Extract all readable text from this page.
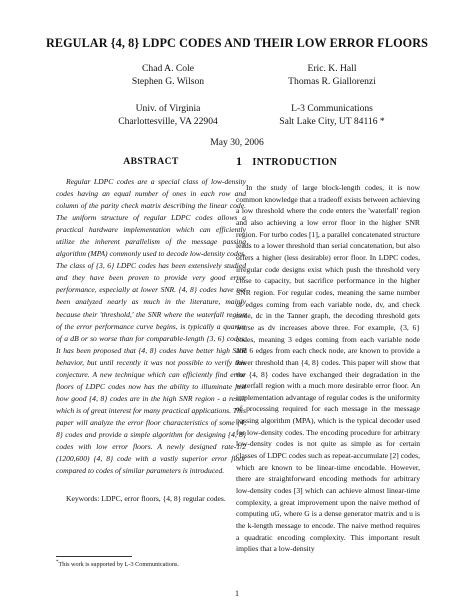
REGULAR {4, 8} LDPC CODES AND THEIR LOW ERROR FLOORS
Chad A. Cole
Stephen G. Wilson
Univ. of Virginia
Charlottesville, VA 22904
Eric. K. Hall
Thomas R. Giallorenzi
L-3 Communications
Salt Lake City, UT 84116 *
May 30, 2006
ABSTRACT

Regular LDPC codes are a special class of low-density codes having an equal number of ones in each row and column of the parity check matrix describing the linear code. The uniform structure of regular LDPC codes allows a practical hardware implementation which can efficiently utilize the inherent parallelism of the message passing algorithm (MPA) commonly used to decode low-density codes. The class of {3, 6} LDPC codes has been extensively studied and they have been proven to provide very good error performance, especially at lower SNR. {4, 8} codes have not been analyzed nearly as much in the literature, mainly because their 'threshold,' the SNR where the waterfall region of the error performance curve begins, is typically a quarter of a dB or so worse than for comparable-length {3, 6} codes. It has been proposed that {4, 8} codes have better high SNR behavior, but until recently it was not possible to verify this conjecture. A new technique which can efficiently find error floors of LDPC codes now has the ability to illuminate just how good {4, 8} codes are in the high SNR region - a result which is of great interest for many practical applications. This paper will analyze the error floor characteristics of some {4, 8} codes and provide a simple algorithm for designing {4, 8} codes with low error floors. A newly designed rate-1/2 (1200,600) {4, 8} code with a vastly superior error floor compared to codes of similar parameters is introduced.

Keywords: LDPC, error floors, {4, 8} regular codes.

*This work is supported by L-3 Communications.
1 INTRODUCTION

In the study of large block-length codes, it is now common knowledge that a tradeoff exists between achieving a low threshold where the code enters the 'waterfall' region and also achieving a low error floor in the higher SNR region. For turbo codes [1], a parallel concatenated structure leads to a lower threshold than serial concatenation, but also offers a higher (less desirable) error floor. In LDPC codes, irregular code designs exist which push the threshold very close to capacity, but sacrifice performance in the higher SNR region. For regular codes, meaning the same number of edges coming from each variable node, dv, and check node, dc in the Tanner graph, the decoding threshold gets worse as dv increases above three. For example, {3, 6} codes, meaning 3 edges coming from each variable node and 6 edges from each check node, are known to provide a lower threshold than {4, 8} codes. This paper will show that the {4, 8} codes have exchanged their degradation in the waterfall region with a much more desirable error floor. An implementation advantage of regular codes is the uniformity of processing required for each message in the message passing algorithm (MPA), which is the typical decoder used for low-density codes. The encoding procedure for arbitrary low-density codes is not quite as simple as for certain classes of LDPC codes such as repeat-accumulate [2] codes, which are known to be linear-time encodable. However, there are straightforward encoding methods for arbitrary low-density codes [3] which can achieve almost linear-time complexity, a great improvement upon the naive method of computing uG, where G is a dense generator matrix and u is the k-length message to encode. The naive method requires a quadratic encoding complexity. This important result implies that a low-density

1
